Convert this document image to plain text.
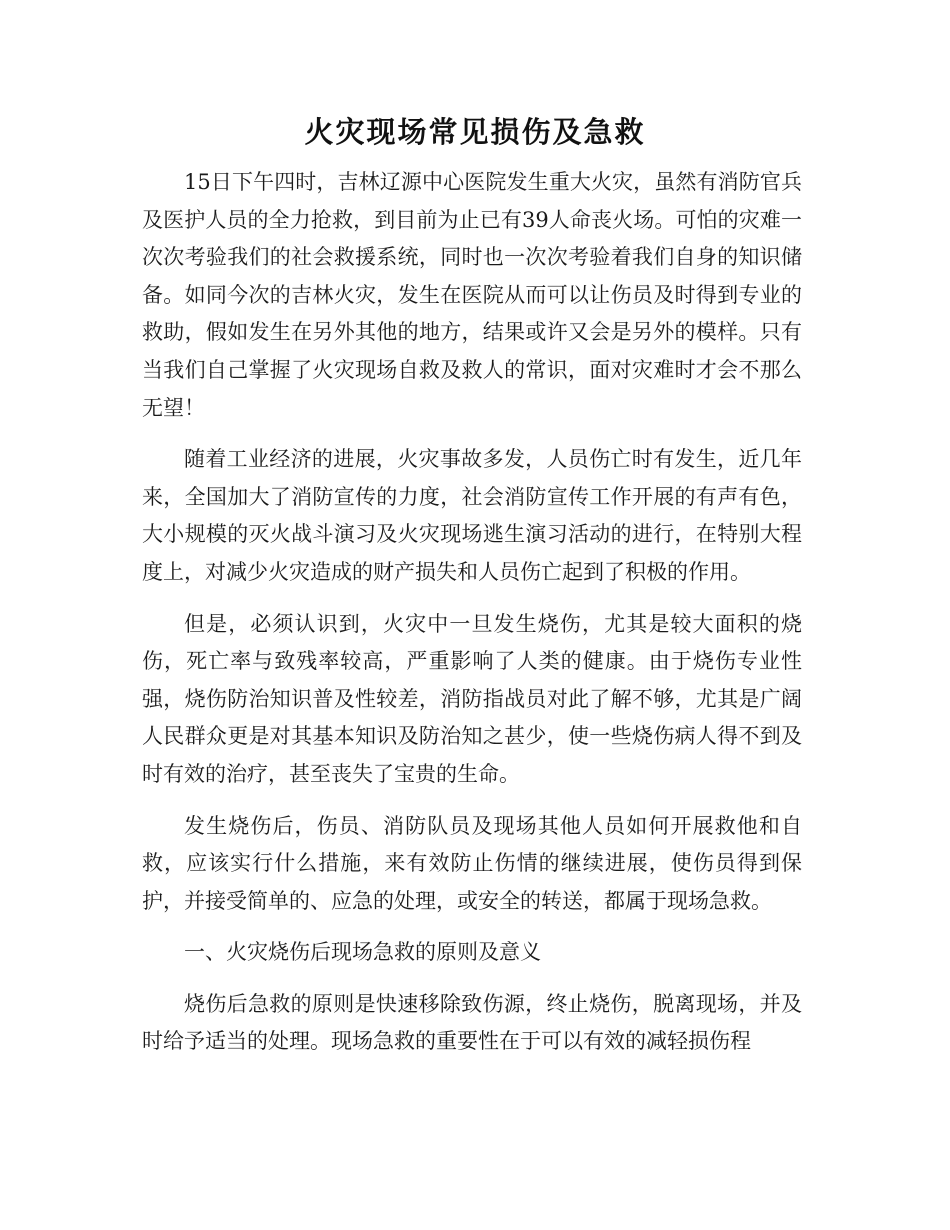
火灾现场常见损伤及急救

15日下午四时，吉林辽源中心医院发生重大火灾，虽然有消防官兵及医护人员的全力抢救，到目前为止已有39人命丧火场。可怕的灾难一次次考验我们的社会救援系统，同时也一次次考验着我们自身的知识储备。如同今次的吉林火灾，发生在医院从而可以让伤员及时得到专业的救助，假如发生在另外其他的地方，结果或许又会是另外的模样。只有当我们自己掌握了火灾现场自救及救人的常识，面对灾难时才会不那么无望！

随着工业经济的进展，火灾事故多发，人员伤亡时有发生，近几年来，全国加大了消防宣传的力度，社会消防宣传工作开展的有声有色，大小规模的灭火战斗演习及火灾现场逃生演习活动的进行，在特别大程度上，对减少火灾造成的财产损失和人员伤亡起到了积极的作用。

但是，必须认识到，火灾中一旦发生烧伤，尤其是较大面积的烧伤，死亡率与致残率较高，严重影响了人类的健康。由于烧伤专业性强，烧伤防治知识普及性较差，消防指战员对此了解不够，尤其是广阔人民群众更是对其基本知识及防治知之甚少，使一些烧伤病人得不到及时有效的治疗，甚至丧失了宝贵的生命。

发生烧伤后，伤员、消防队员及现场其他人员如何开展救他和自救，应该实行什么措施，来有效防止伤情的继续进展，使伤员得到保护，并接受简单的、应急的处理，或安全的转送，都属于现场急救。

一、火灾烧伤后现场急救的原则及意义

烧伤后急救的原则是快速移除致伤源，终止烧伤，脱离现场，并及时给予适当的处理。现场急救的重要性在于可以有效的减轻损伤程
